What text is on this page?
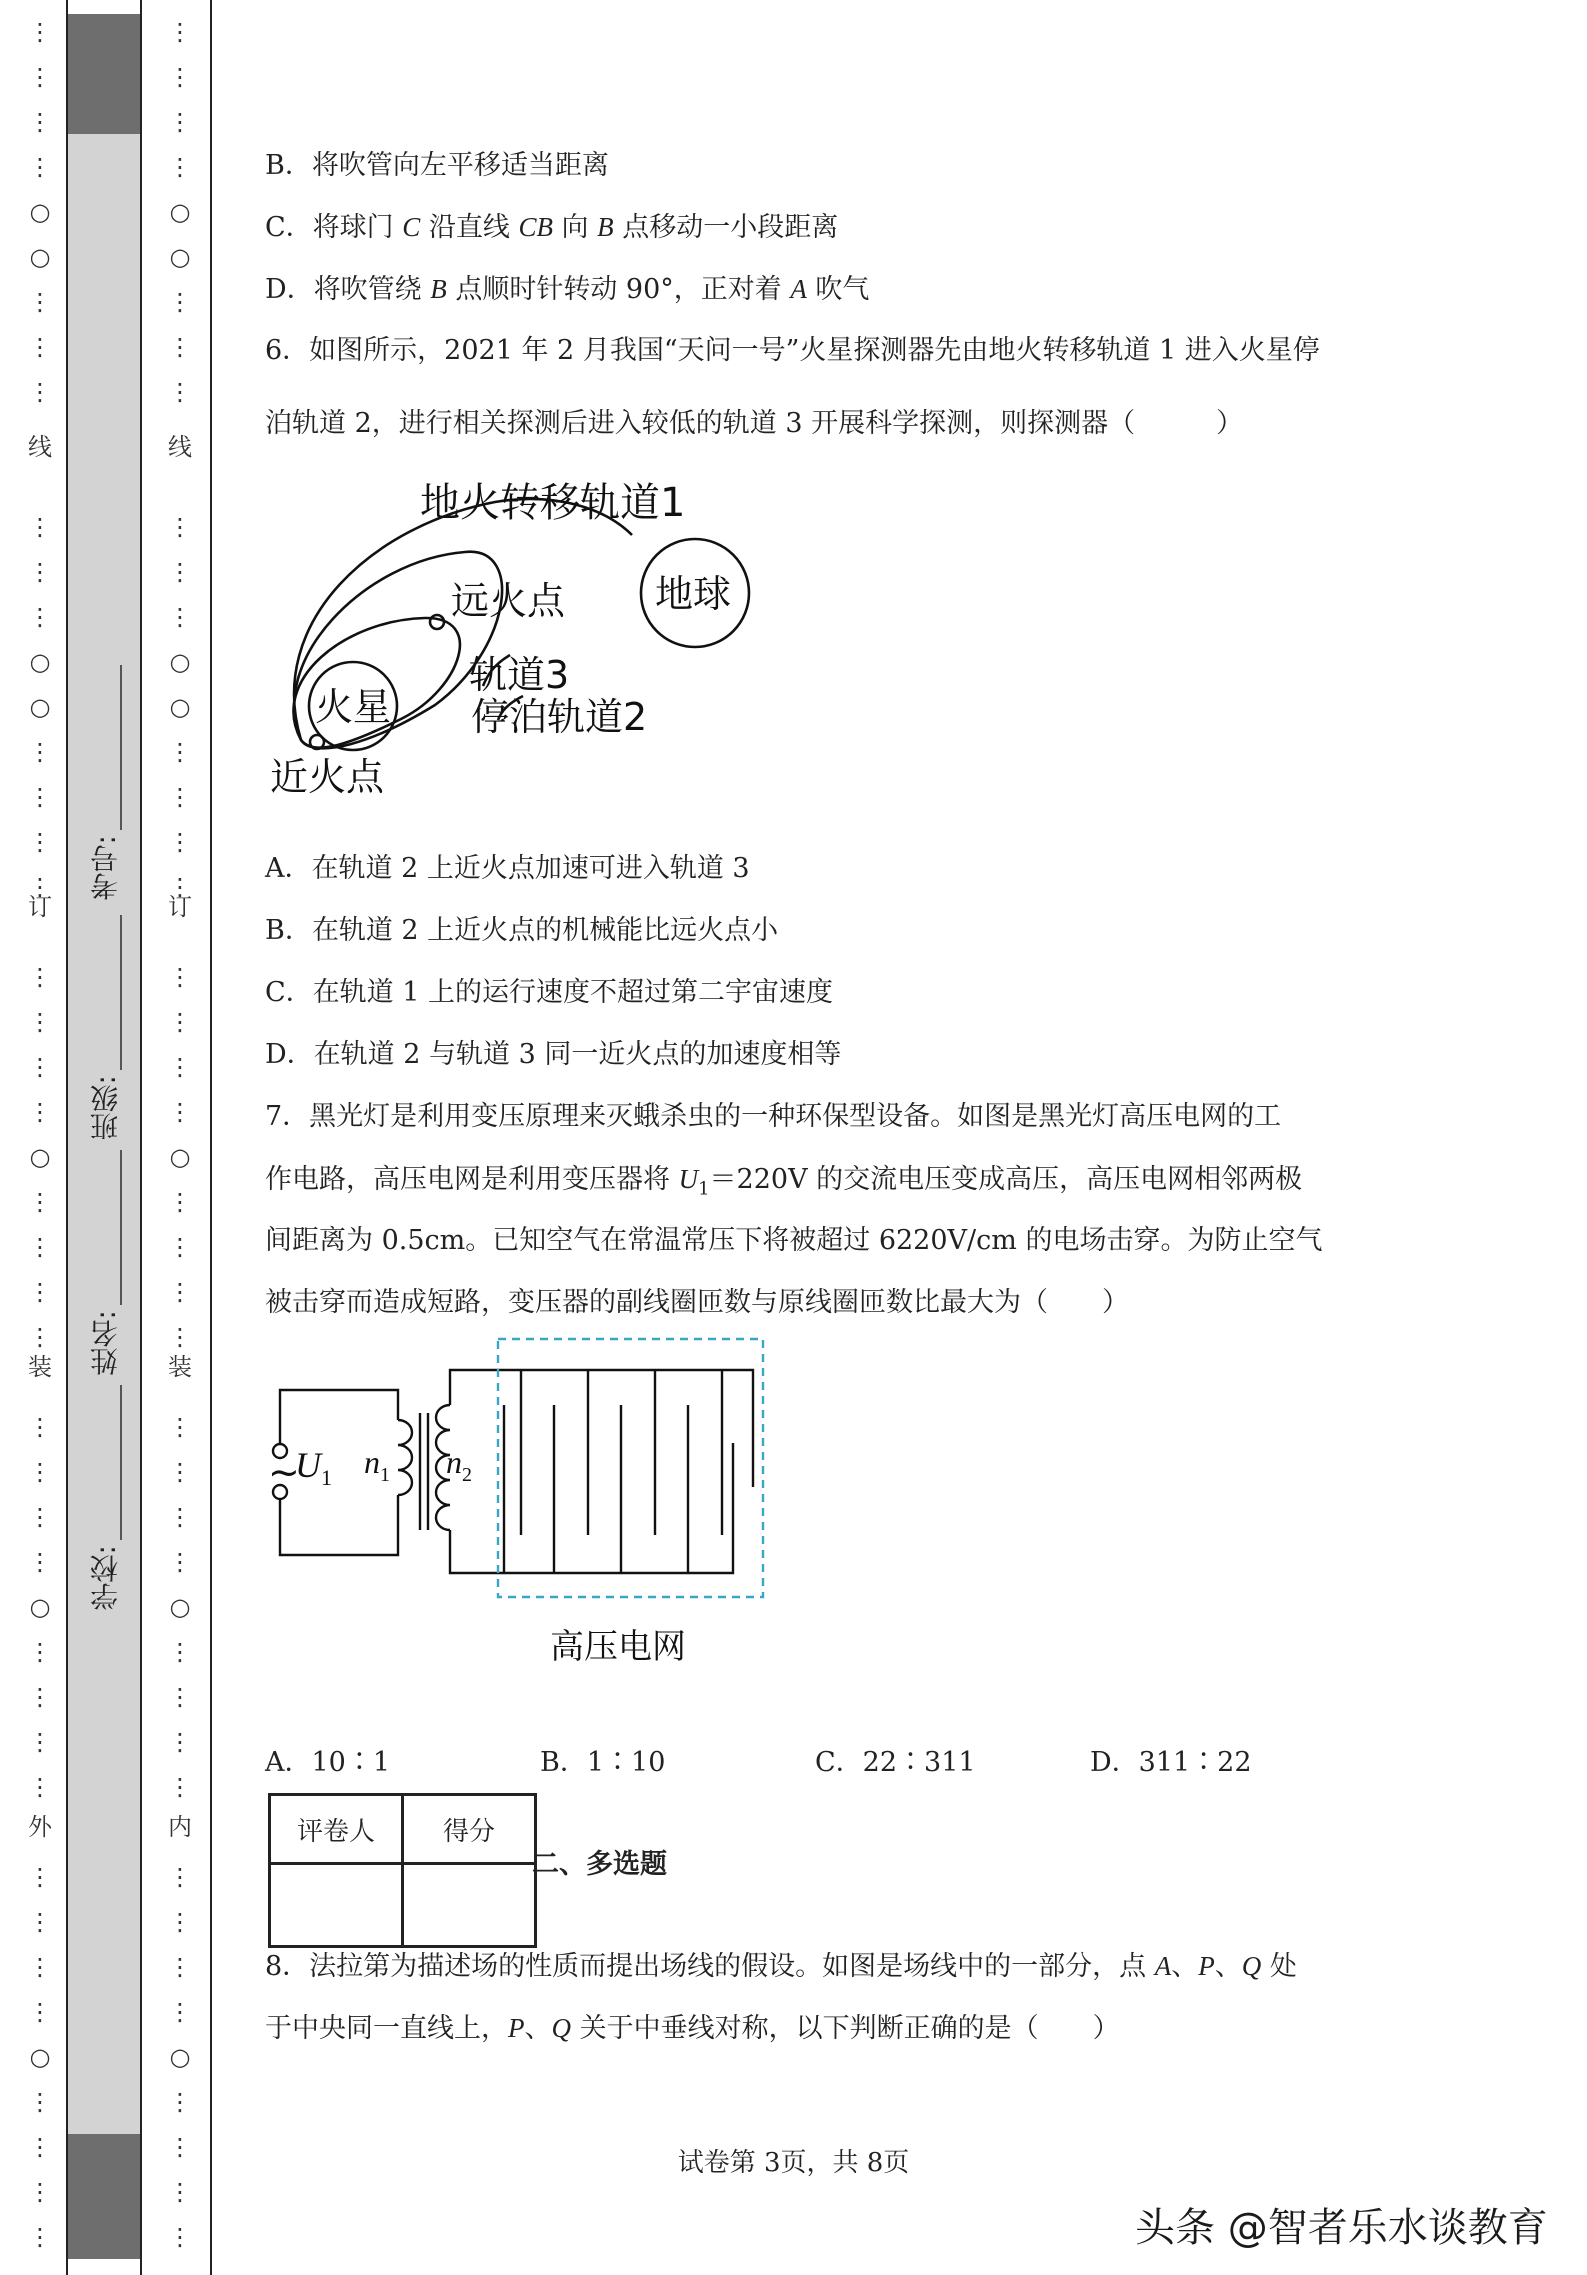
线
订
装
外
⋮
⋮
⋮
⋮
○
○
⋮
⋮
⋮
⋮
⋮
⋮
○
○
⋮
⋮
⋮
⋮
⋮
⋮
⋮
⋮
○
⋮
⋮
⋮
⋮
⋮
⋮
⋮
⋮
○
⋮
⋮
⋮
⋮
⋮
⋮
⋮
⋮
○
⋮
⋮
⋮
⋮
线
订
装
内
⋮
⋮
⋮
⋮
○
○
⋮
⋮
⋮
⋮
⋮
⋮
○
○
⋮
⋮
⋮
⋮
⋮
⋮
⋮
⋮
○
⋮
⋮
⋮
⋮
⋮
⋮
⋮
⋮
○
⋮
⋮
⋮
⋮
⋮
⋮
⋮
⋮
○
⋮
⋮
⋮
⋮
考号:
班级:
姓名:
学校:
B．将吹管向左平移适当距离
C．将球门 C 沿直线 CB 向 B 点移动一小段距离
D．将吹管绕 B 点顺时针转动 90°，正对着 A 吹气
6．如图所示，2021 年 2 月我国“天问一号”火星探测器先由地火转移轨道 1 进入火星停
泊轨道 2，进行相关探测后进入较低的轨道 3 开展科学探测，则探测器（　　　）
A．在轨道 2 上近火点加速可进入轨道 3
B．在轨道 2 上近火点的机械能比远火点小
C．在轨道 1 上的运行速度不超过第二宇宙速度
D．在轨道 2 与轨道 3 同一近火点的加速度相等
7．黑光灯是利用变压原理来灭蛾杀虫的一种环保型设备。如图是黑光灯高压电网的工
作电路，高压电网是利用变压器将 $U_1=220V$ 的交流电压变成高压，高压电网相邻两极
间距离为 0.5cm。已知空气在常温常压下将被超过 6220V/cm 的电场击穿。为防止空气
被击穿而造成短路，变压器的副线圈匝数与原线圈匝数比最大为（　　）
A．10∶1	B．1∶10	C．22∶311	D．311∶22
8．法拉第为描述场的性质而提出场线的假设。如图是场线中的一部分，点 A、P、Q 处
于中央同一直线上，P、Q 关于中垂线对称，以下判断正确的是（　　）
地火转移轨道1
地球
远火点
轨道3
停泊轨道2
火星
近火点
~
U 1 n 1 n 2
高压电网
评卷人	得分

二、多选题
试卷第 3页，共 8页
头条 @智者乐水谈教育
